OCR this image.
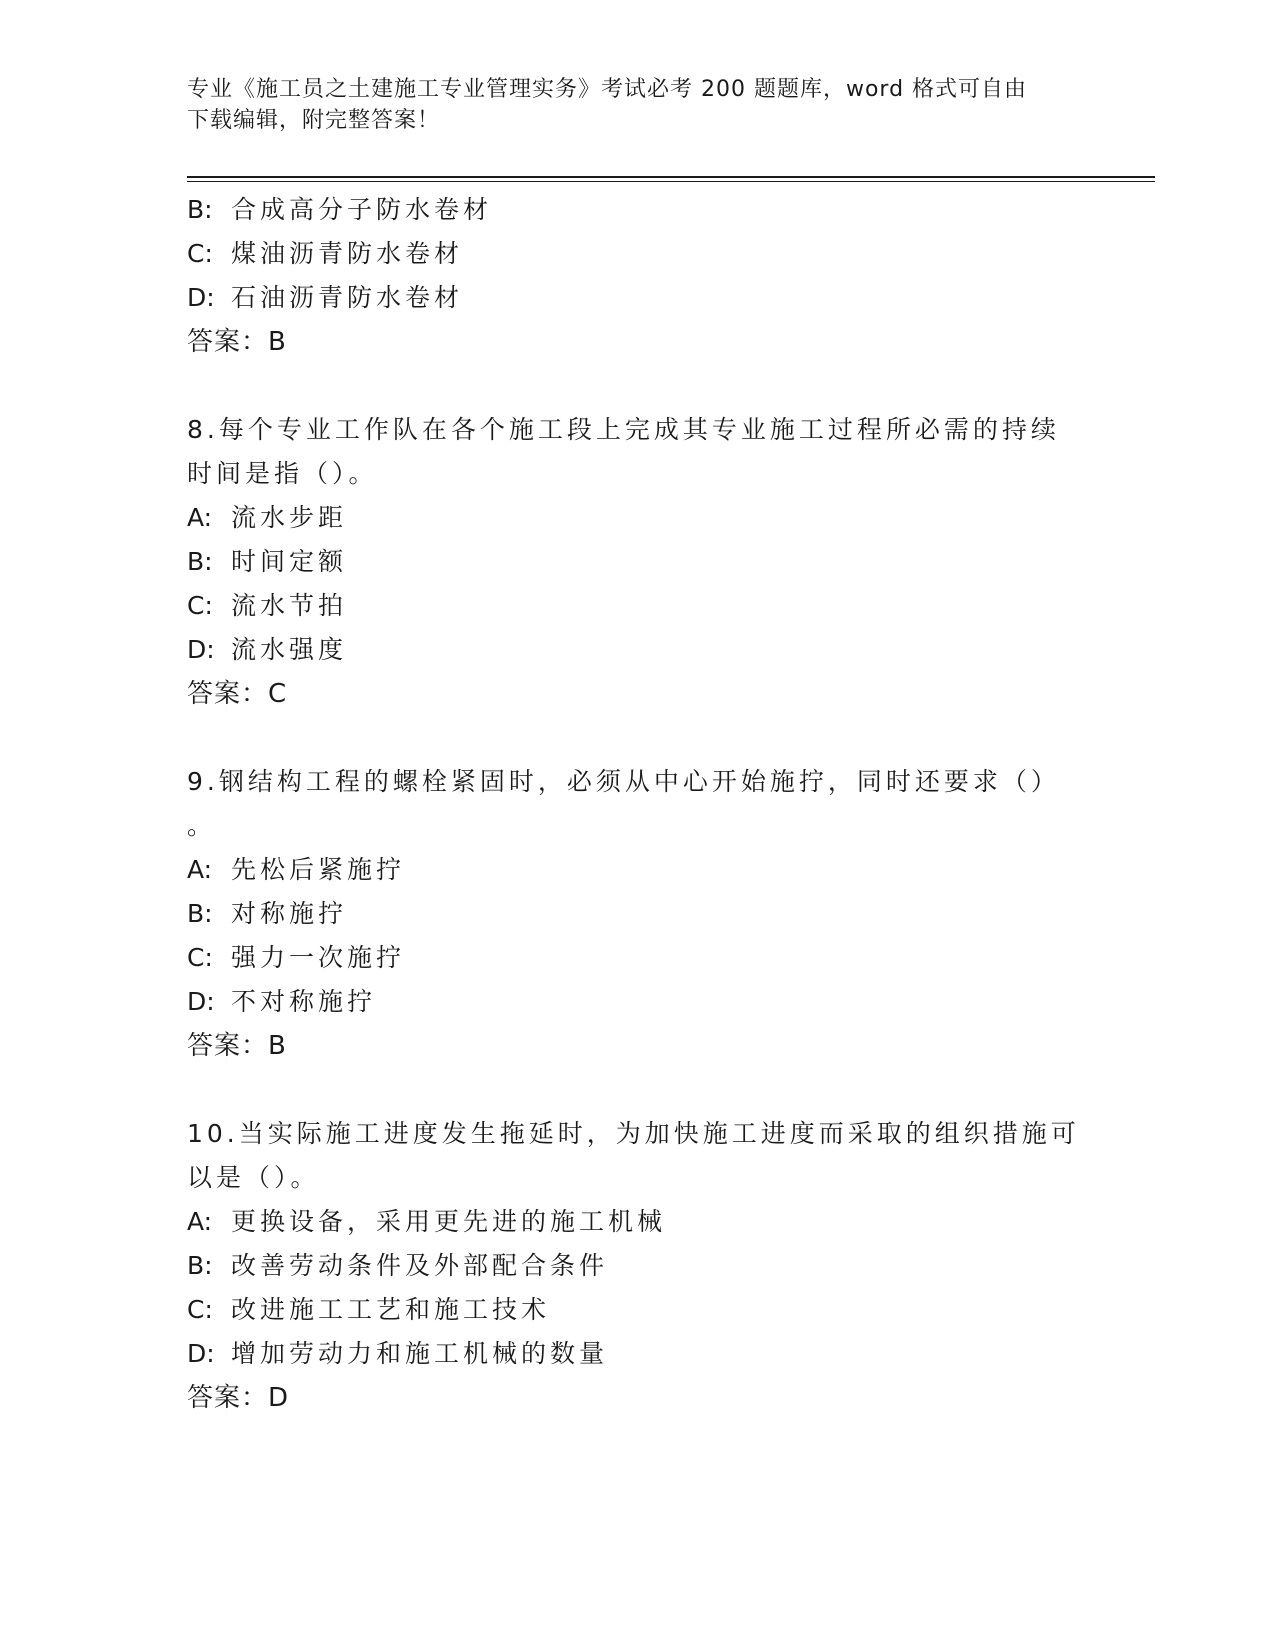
专业《施工员之土建施工专业管理实务》考试必考 200 题题库，word 格式可自由
下载编辑，附完整答案！
B: 合成高分子防水卷材
C: 煤油沥青防水卷材
D: 石油沥青防水卷材
答案：B
8.每个专业工作队在各个施工段上完成其专业施工过程所必需的持续
时间是指（）。
A: 流水步距
B: 时间定额
C: 流水节拍
D: 流水强度
答案：C
9.钢结构工程的螺栓紧固时，必须从中心开始施拧，同时还要求（）
。
A: 先松后紧施拧
B: 对称施拧
C: 强力一次施拧
D: 不对称施拧
答案：B
10.当实际施工进度发生拖延时，为加快施工进度而采取的组织措施可
以是（）。
A: 更换设备，采用更先进的施工机械
B: 改善劳动条件及外部配合条件
C: 改进施工工艺和施工技术
D: 增加劳动力和施工机械的数量
答案：D
